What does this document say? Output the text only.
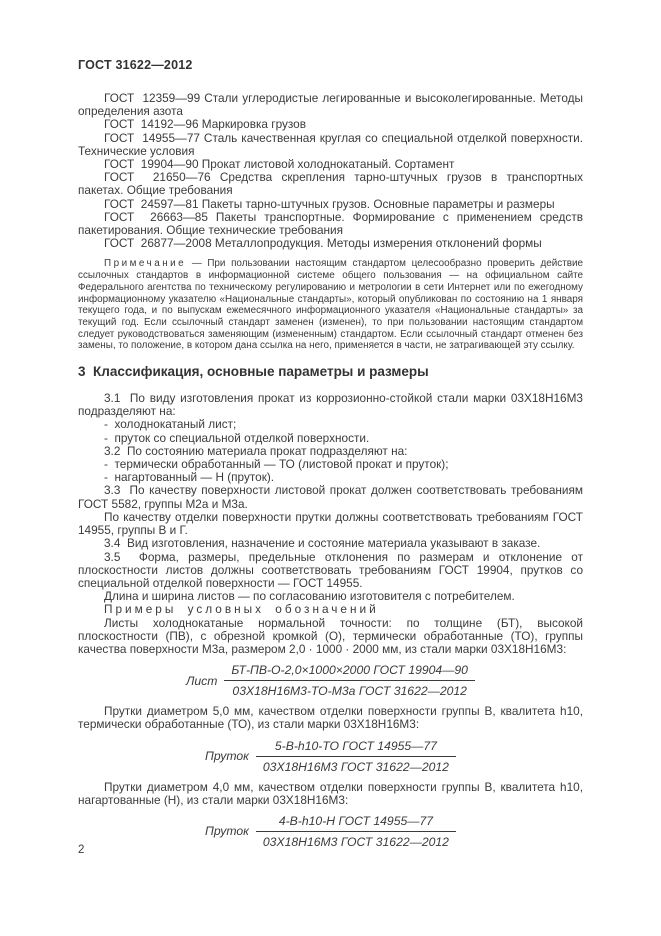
ГОСТ 31622—2012

ГОСТ  12359—99 Стали углеродистые легированные и высоколегированные. Методы определения азота

ГОСТ  14192—96 Маркировка грузов

ГОСТ  14955—77 Сталь качественная круглая со специальной отделкой поверхности. Технические условия

ГОСТ  19904—90 Прокат листовой холоднокатаный. Сортамент

ГОСТ  21650—76 Средства скрепления тарно-штучных грузов в транспортных пакетах. Общие требования

ГОСТ  24597—81 Пакеты тарно-штучных грузов. Основные параметры и размеры

ГОСТ  26663—85 Пакеты транспортные. Формирование с применением средств пакетирования. Общие технические требования

ГОСТ  26877—2008 Металлопродукция. Методы измерения отклонений формы

Примечание — При пользовании настоящим стандартом целесообразно проверить действие ссылочных стандартов в информационной системе общего пользования — на официальном сайте Федерального агентства по техническому регулированию и метрологии в сети Интернет или по ежегодному информационному указателю «Национальные стандарты», который опубликован по состоянию на 1 января текущего года, и по выпускам ежемесячного информационного указателя «Национальные стандарты» за текущий год. Если ссылочный стандарт заменен (изменен), то при пользовании настоящим стандартом следует руководствоваться заменяющим (измененным) стандартом. Если ссылочный стандарт отменен без замены, то положение, в котором дана ссылка на него, применяется в части, не затрагивающей эту ссылку.

3  Классификация, основные параметры и размеры

3.1  По виду изготовления прокат из коррозионно-стойкой стали марки 03Х18Н16М3 подразделяют на:

-  холоднокатаный лист;

-  пруток со специальной отделкой поверхности.

3.2  По состоянию материала прокат подразделяют на:

-  термически обработанный — ТО (листовой прокат и пруток);

-  нагартованный — Н (пруток).

3.3  По качеству поверхности листовой прокат должен соответствовать требованиям ГОСТ 5582, группы М2а и М3а.

По качеству отделки поверхности прутки должны соответствовать требованиям ГОСТ 14955, группы В и Г.

3.4  Вид изготовления, назначение и состояние материала указывают в заказе.

3.5  Форма, размеры, предельные отклонения по размерам и отклонение от плоскостности листов должны соответствовать требованиям ГОСТ 19904, прутков со специальной отделкой поверхности — ГОСТ 14955.

Длина и ширина листов — по согласованию изготовителя с потребителем.

Примеры условных обозначений

Листы холоднокатаные нормальной точности: по толщине (БТ), высокой плоскостности (ПВ), с обрезной кромкой (О), термически обработанные (ТО), группы качества поверхности М3а, размером 2,0 · 1000 · 2000 мм, из стали марки 03Х18Н16М3:

Лист $\frac{\text{БТ-ПВ-О-2,0×1000×2000 ГОСТ 19904—90}}{\text{03Х18Н16М3-ТО-М3а ГОСТ 31622—2012}}$

Прутки диаметром 5,0 мм, качеством отделки поверхности группы В, квалитета h10, термически обработанные (ТО), из стали марки 03Х18Н16М3:

Пруток $\frac{\text{5-В-h10-ТО ГОСТ 14955—77}}{\text{03Х18Н16М3 ГОСТ 31622—2012}}$

Прутки диаметром 4,0 мм, качеством отделки поверхности группы В, квалитета h10, нагартованные (Н), из стали марки 03Х18Н16М3:

Пруток $\frac{\text{4-В-h10-Н ГОСТ 14955—77}}{\text{03Х18Н16М3 ГОСТ 31622—2012}}$
2
